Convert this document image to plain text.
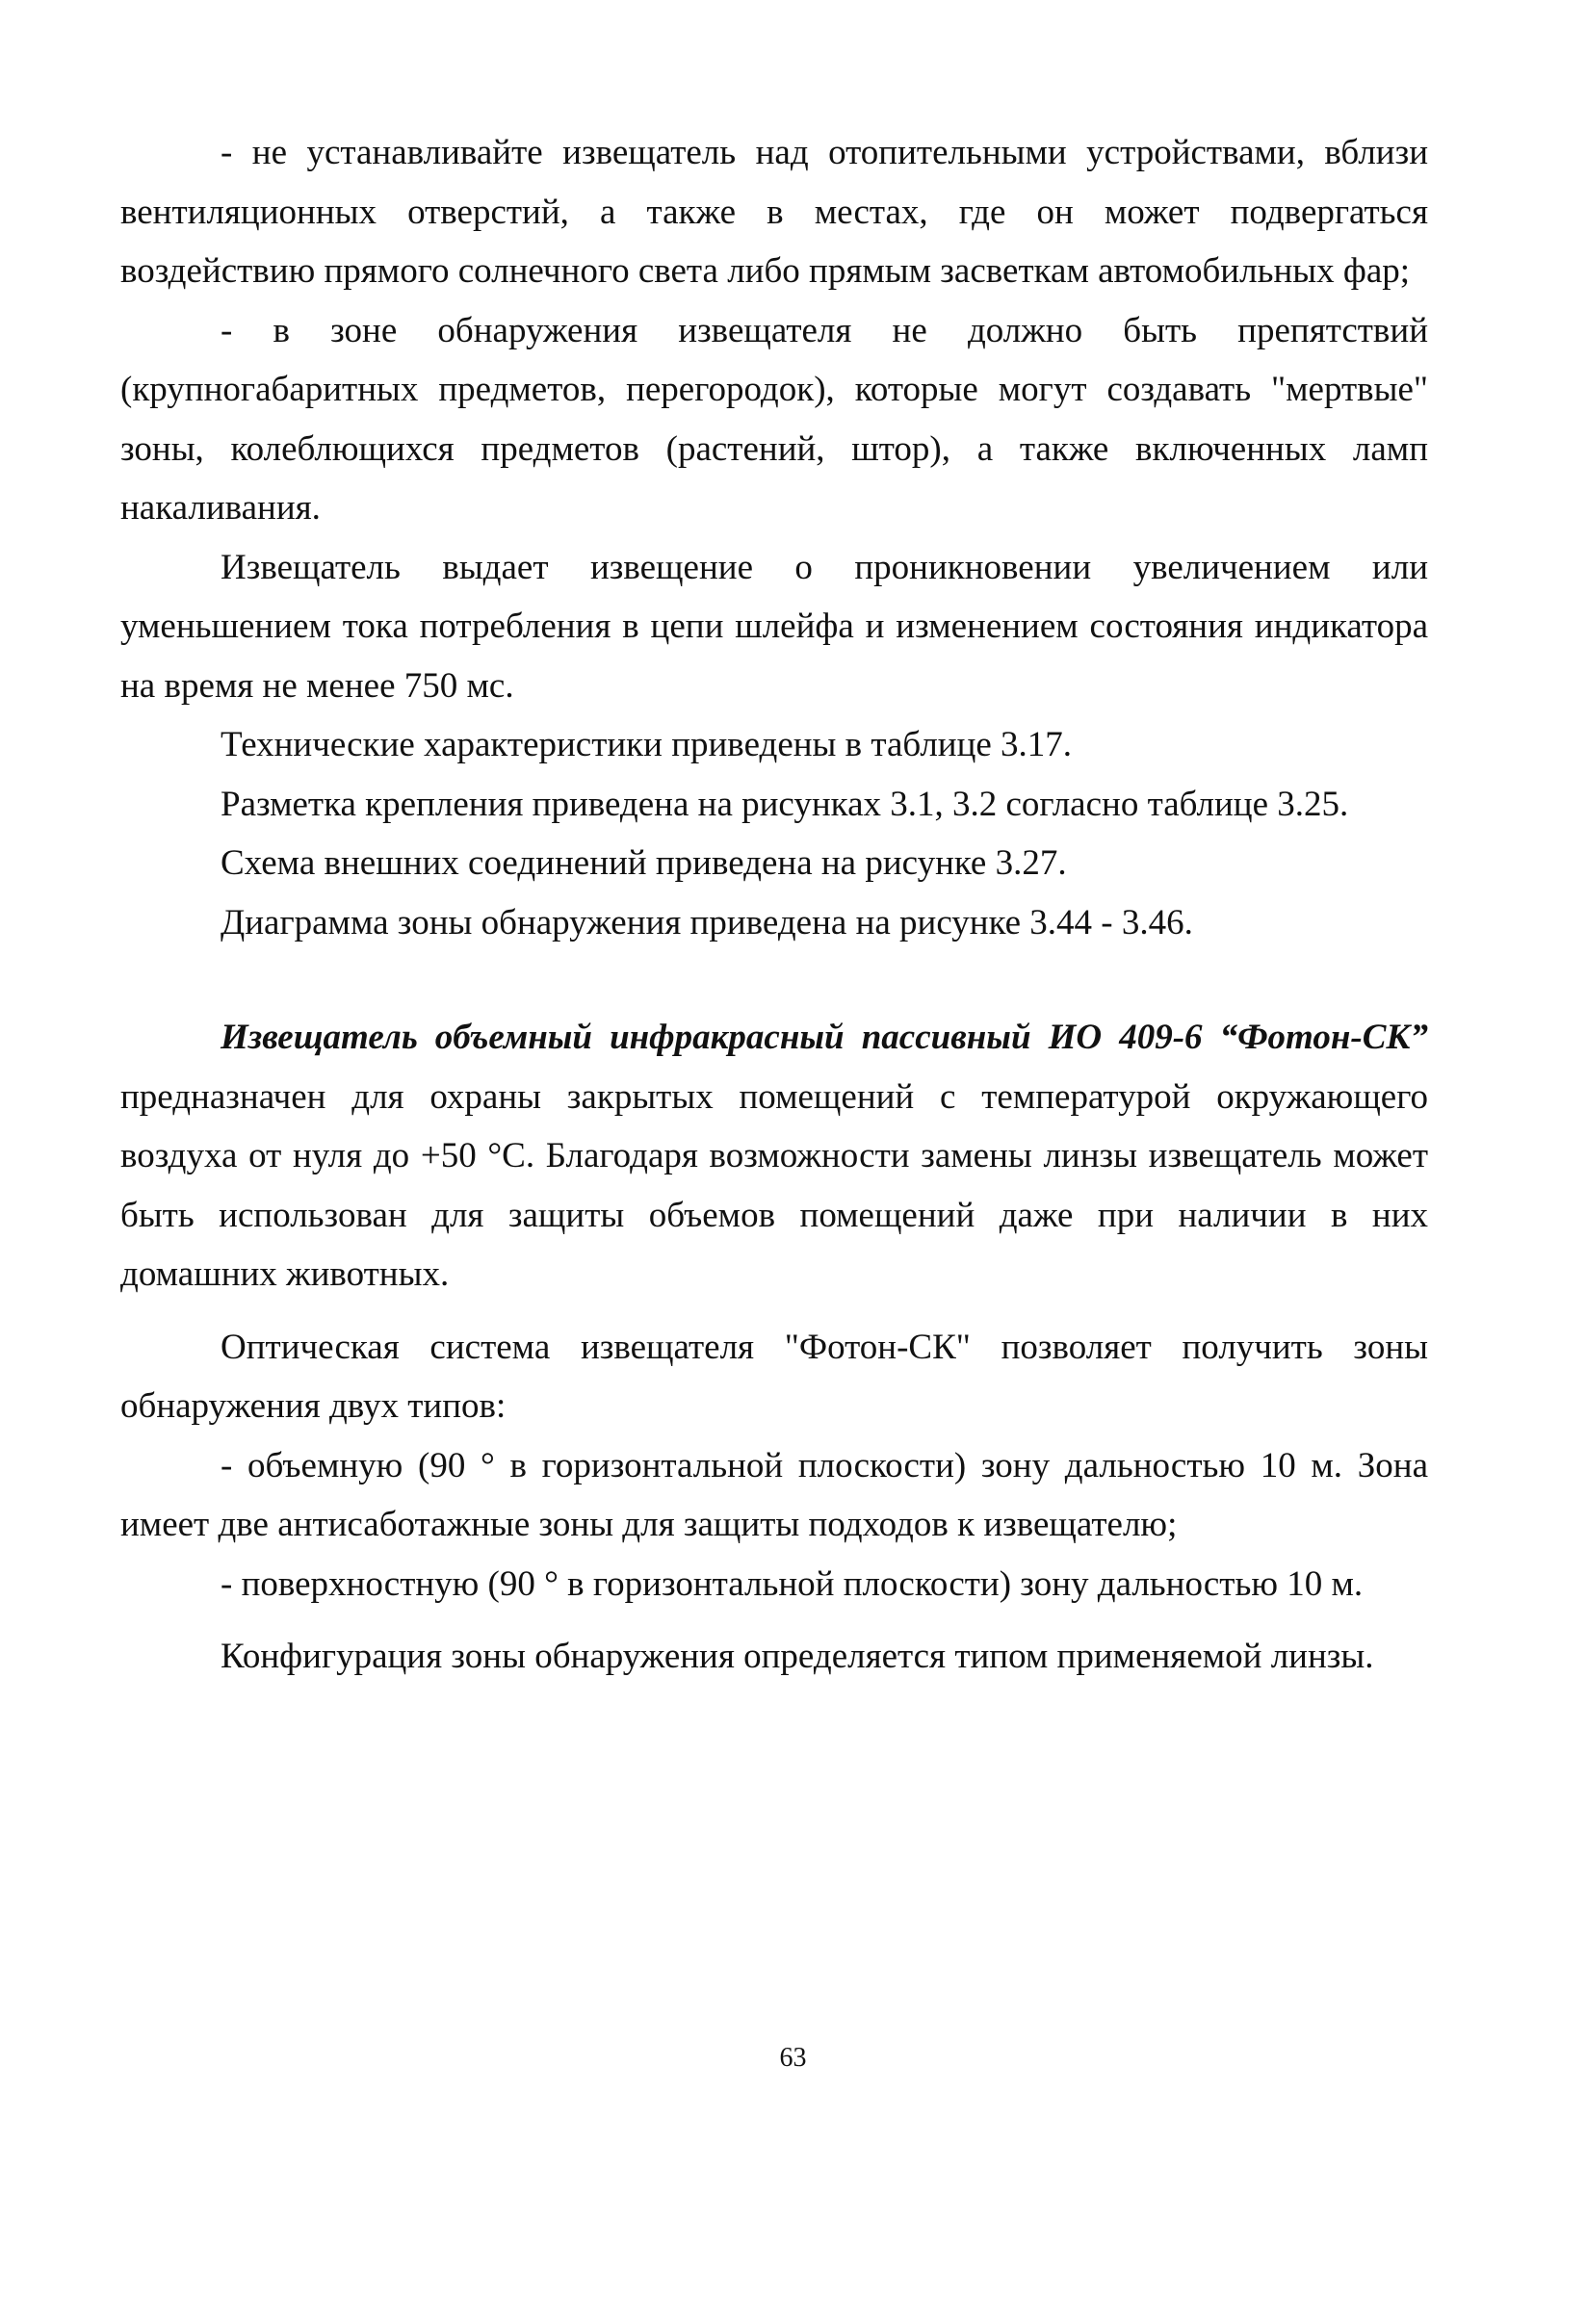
- не устанавливайте извещатель над отопительными устройствами, вблизи вентиляционных отверстий, а также в местах, где он может подвергаться воздействию прямого солнечного света либо прямым засветкам автомобильных фар;

- в зоне обнаружения извещателя не должно быть препятствий (крупногабаритных предметов, перегородок), которые могут создавать "мертвые" зоны, колеблющихся предметов (растений, штор), а также включенных ламп накаливания.

Извещатель выдает извещение о проникновении увеличением или уменьшением тока потребления в цепи шлейфа и изменением состояния индикатора на время не менее 750 мс.

Технические характеристики приведены в таблице 3.17.

Разметка крепления приведена на рисунках 3.1, 3.2 согласно таблице 3.25.

Схема внешних соединений приведена на рисунке 3.27.

Диаграмма зоны обнаружения приведена на рисунке 3.44 - 3.46.

Извещатель объемный инфракрасный пассивный ИО 409-6 “Фотон-СК” предназначен для охраны закрытых помещений с температурой окружающего воздуха от нуля до +50 °С. Благодаря возможности замены линзы извещатель может быть использован для защиты объемов помещений даже при наличии в них домашних животных.

Оптическая система извещателя "Фотон-СК" позволяет получить зоны обнаружения двух типов:

- объемную (90 ° в горизонтальной плоскости) зону дальностью 10 м. Зона имеет две антисаботажные зоны для защиты подходов к извещателю;

- поверхностную (90 ° в горизонтальной плоскости) зону дальностью 10 м.

Конфигурация зоны обнаружения определяется типом применяемой линзы.

63
